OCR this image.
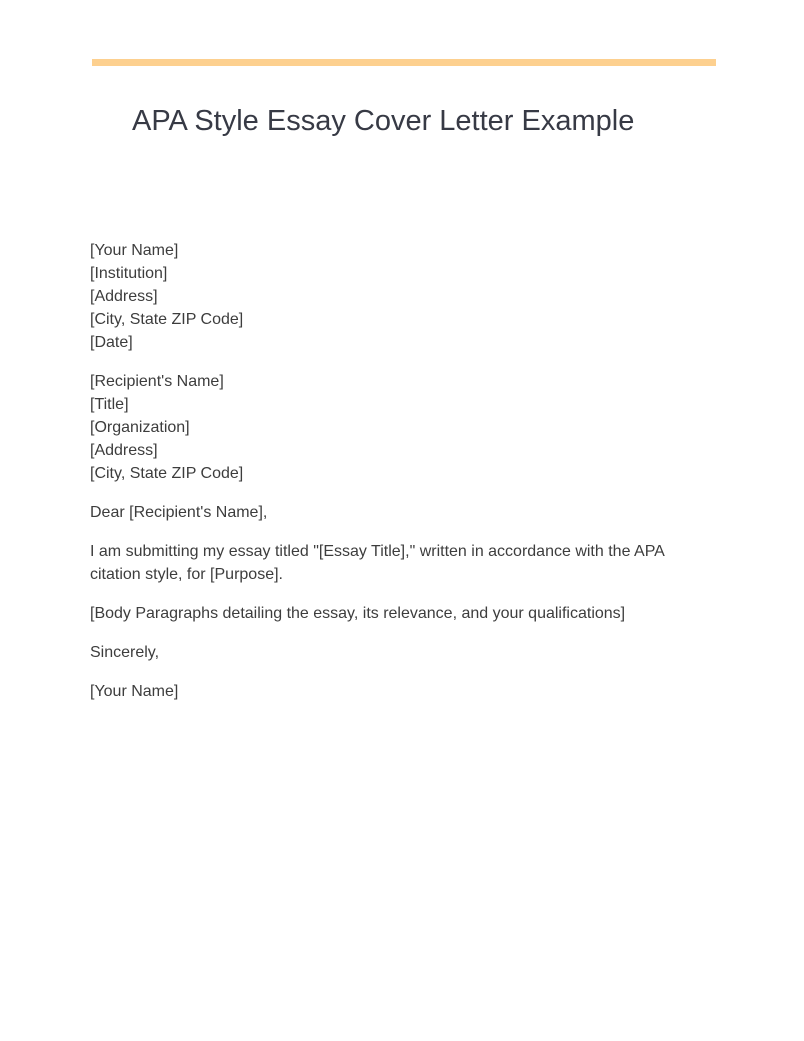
APA Style Essay Cover Letter Example
[Your Name]
[Institution]
[Address]
[City, State ZIP Code]
[Date]
[Recipient's Name]
[Title]
[Organization]
[Address]
[City, State ZIP Code]

Dear [Recipient's Name],

I am submitting my essay titled "[Essay Title]," written in accordance with the APA citation style, for [Purpose].

[Body Paragraphs detailing the essay, its relevance, and your qualifications]

Sincerely,

[Your Name]
